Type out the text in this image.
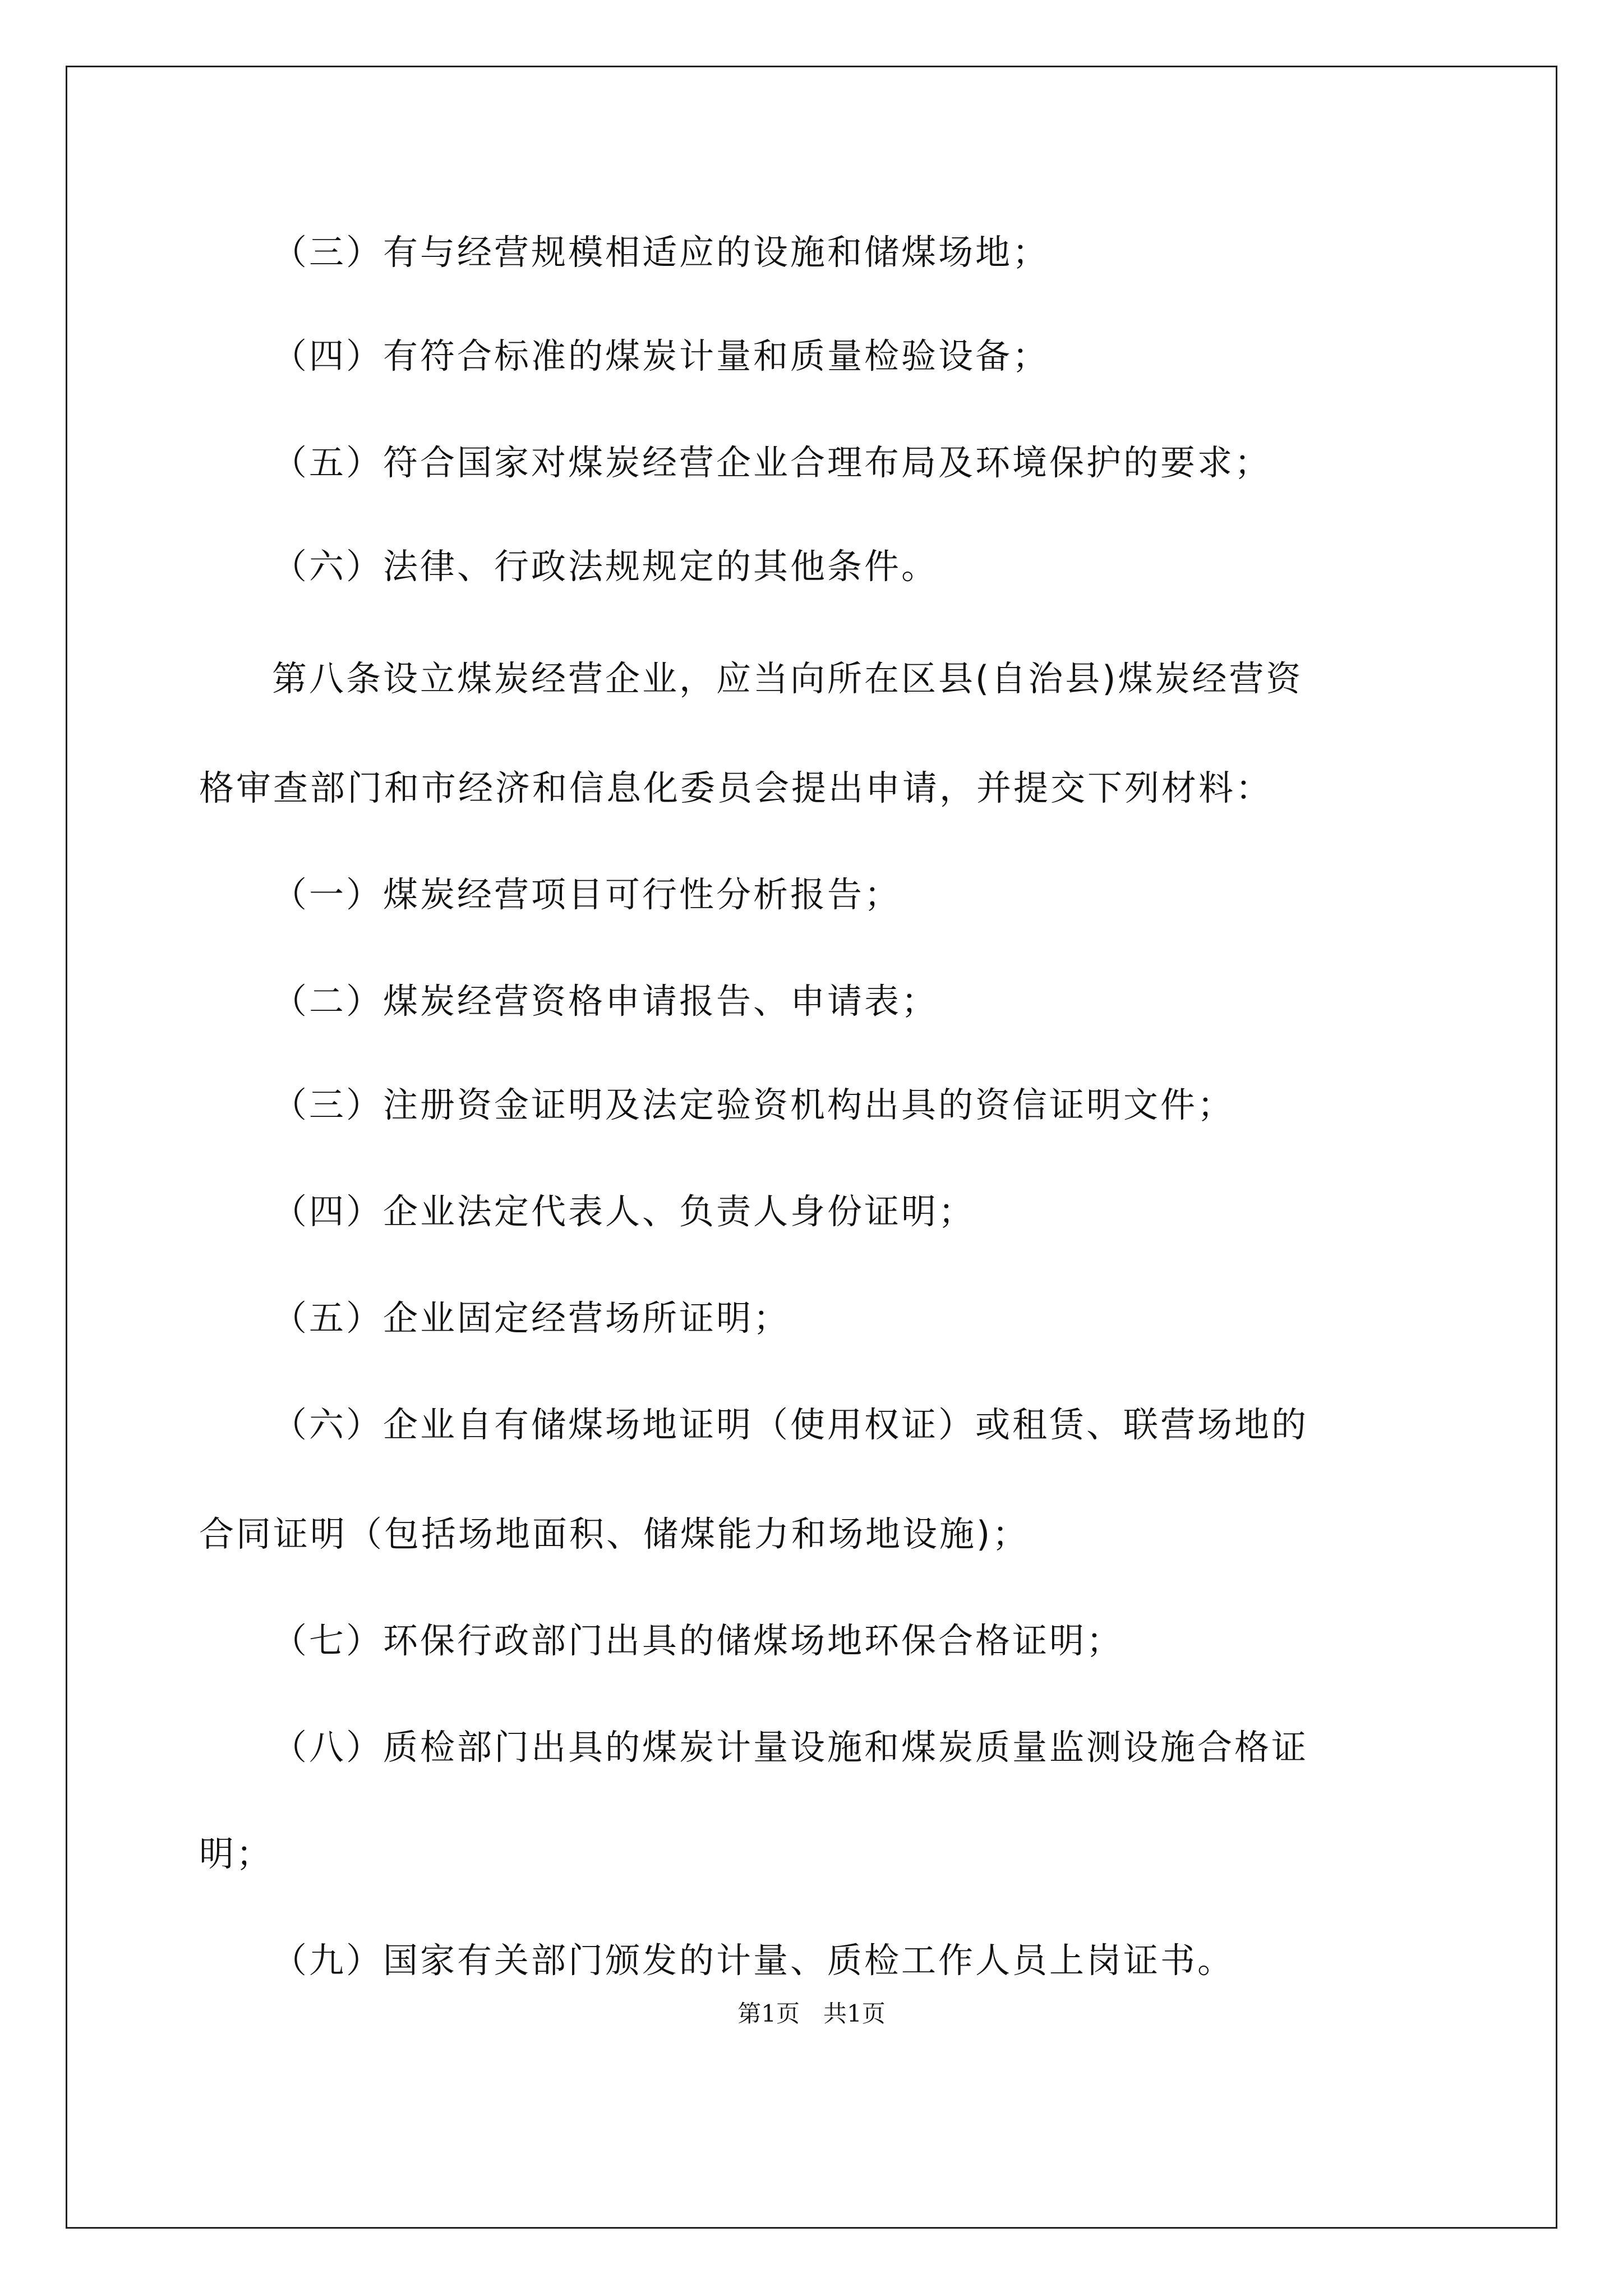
（三）有与经营规模相适应的设施和储煤场地；
（四）有符合标准的煤炭计量和质量检验设备；
（五）符合国家对煤炭经营企业合理布局及环境保护的要求；
（六）法律、行政法规规定的其他条件。
第八条设立煤炭经营企业，应当向所在区县(自治县)煤炭经营资
格审查部门和市经济和信息化委员会提出申请，并提交下列材料：
（一）煤炭经营项目可行性分析报告；
（二）煤炭经营资格申请报告、申请表；
（三）注册资金证明及法定验资机构出具的资信证明文件；
（四）企业法定代表人、负责人身份证明；
（五）企业固定经营场所证明；
（六）企业自有储煤场地证明（使用权证）或租赁、联营场地的
合同证明（包括场地面积、储煤能力和场地设施)；
（七）环保行政部门出具的储煤场地环保合格证明；
（八）质检部门出具的煤炭计量设施和煤炭质量监测设施合格证
明；
（九）国家有关部门颁发的计量、质检工作人员上岗证书。
第1页　共1页
